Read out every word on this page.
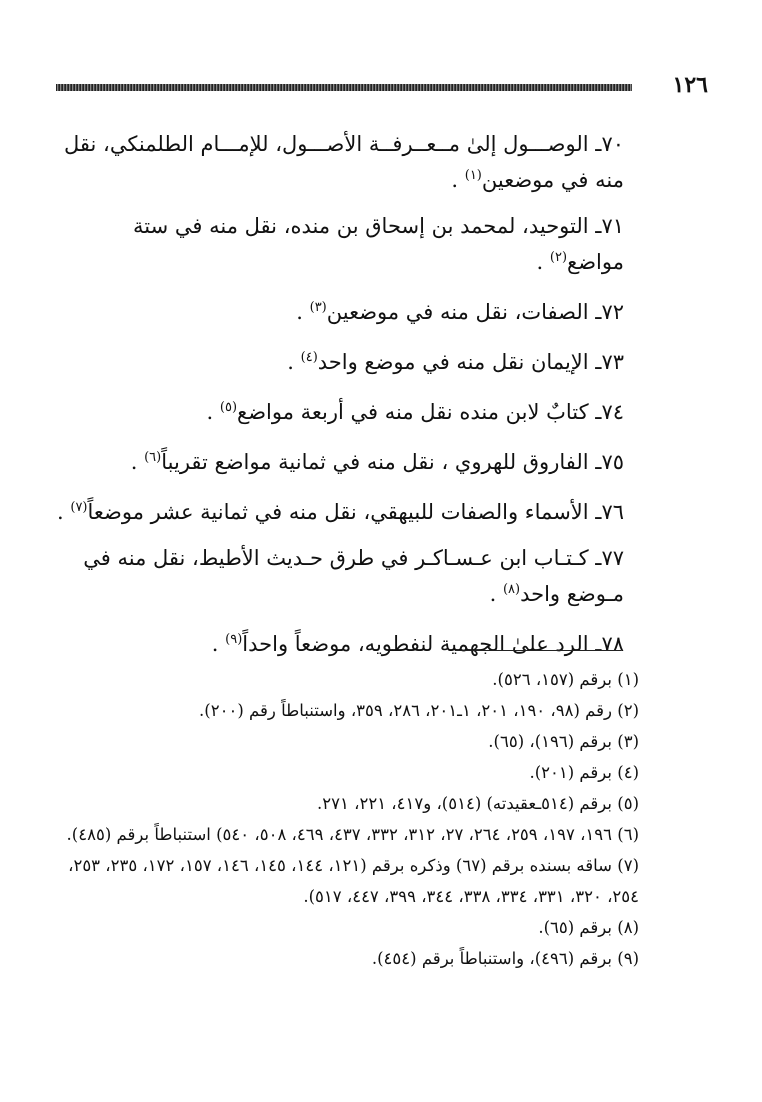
١٢٦
٧٠ـ الوصـــول إلىٰ مــعــرفــة الأصـــول، للإمـــام الطلمنكي، نقل منه في موضعين$^{(١)}$ .
٧١ـ التوحيد، لمحمد بن إسحاق بن منده، نقل منه في ستة مواضع$^{(٢)}$ .
٧٢ـ الصفات، نقل منه في موضعين$^{(٣)}$ .
٧٣ـ الإيمان نقل منه في موضع واحد$^{(٤)}$ .
٧٤ـ كتابٌ لابن منده نقل منه في أربعة مواضع$^{(٥)}$ .
٧٥ـ الفاروق للهروي ، نقل منه في ثمانية مواضع تقريباً$^{(٦)}$ .
٧٦ـ الأسماء والصفات للبيهقي، نقل منه في ثمانية عشر موضعاً$^{(٧)}$ .
٧٧ـ كـتـاب ابن عـسـاكـر في طرق حـديث الأطيط، نقل منه في مـوضع واحد$^{(٨)}$ .
٧٨ـ الرد علىٰ الجهمية لنفطويه، موضعاً واحداً$^{(٩)}$ .
(١) برقم (١٥٧، ٥٢٦).
(٢) رقم (٩٨، ١٩٠، ٢٠١، ١ـ٢٠١، ٢٨٦، ٣٥٩، واستنباطاً رقم (٢٠٠).
(٣) برقم (١٩٦)، (٦٥).
(٤) برقم (٢٠١).
(٥) برقم (٥١٤ـعقيدته) (٥١٤)، و٤١٧، ٢٢١، ٢٧١.
(٦) ١٩٦، ١٩٧، ٢٥٩، ٢٦٤، ٢٧، ٣١٢، ٣٣٢، ٤٣٧، ٤٦٩، ٥٠٨، ٥٤٠) استنباطاً برقم (٤٨٥).
(٧) ساقه بسنده برقم (٦٧) وذكره برقم (١٢١، ١٤٤، ١٤٥، ١٤٦، ١٥٧، ١٧٢، ٢٣٥، ٢٥٣، ٢٥٤، ٣٢٠، ٣٣١، ٣٣٤، ٣٣٨، ٣٤٤، ٣٩٩، ٤٤٧، ٥١٧).
(٨) برقم (٦٥).
(٩) برقم (٤٩٦)، واستنباطاً برقم (٤٥٤).
